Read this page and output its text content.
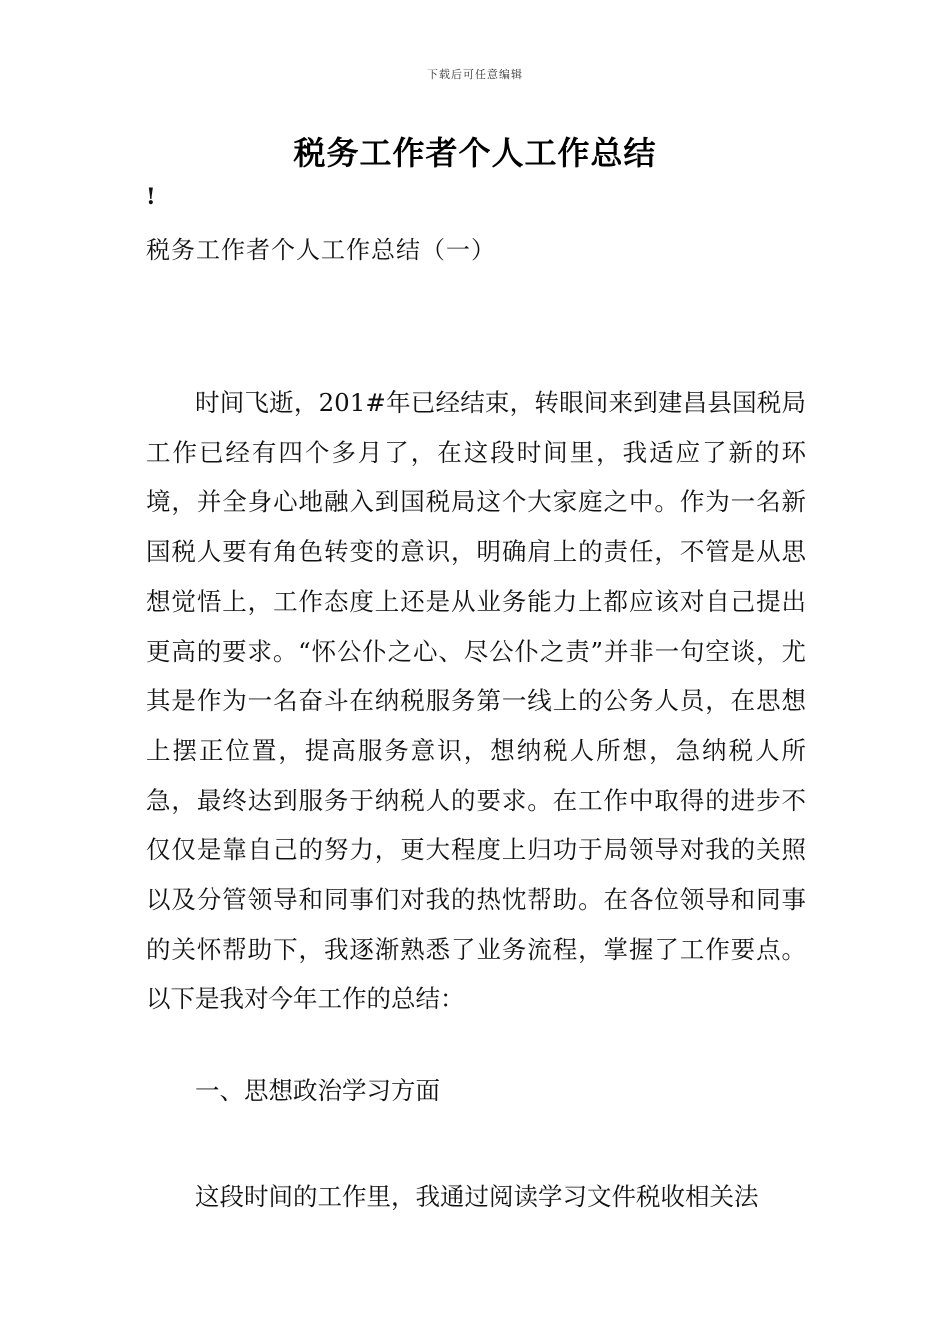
下载后可任意编辑
税务工作者个人工作总结
!
税务工作者个人工作总结（一）

时间飞逝，201#年已经结束，转眼间来到建昌县国税局工作已经有四个多月了，在这段时间里，我适应了新的环境，并全身心地融入到国税局这个大家庭之中。作为一名新国税人要有角色转变的意识，明确肩上的责任，不管是从思想觉悟上，工作态度上还是从业务能力上都应该对自己提出更高的要求。“怀公仆之心、尽公仆之责”并非一句空谈，尤其是作为一名奋斗在纳税服务第一线上的公务人员，在思想上摆正位置，提高服务意识，想纳税人所想，急纳税人所急，最终达到服务于纳税人的要求。在工作中取得的进步不仅仅是靠自己的努力，更大程度上归功于局领导对我的关照以及分管领导和同事们对我的热忱帮助。在各位领导和同事的关怀帮助下，我逐渐熟悉了业务流程，掌握了工作要点。以下是我对今年工作的总结：

一、思想政治学习方面

这段时间的工作里，我通过阅读学习文件税收相关法
